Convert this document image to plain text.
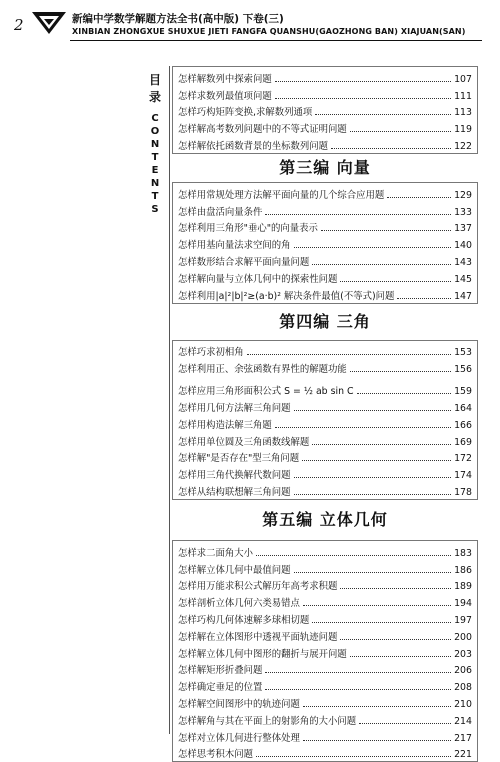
2	新编中学数学解题方法全书(高中版) 下卷(三)
XINBIAN ZHONGXUE SHUXUE JIETI FANGFA QUANSHU(GAOZHONG BAN) XIAJUAN(SAN)
目
录
C
O
N
T
E
N
T
S
怎样解数列中探索问题	107
怎样求数列最值项问题	111
怎样巧构矩阵变换,求解数列通项	113
怎样解高考数列问题中的不等式证明问题	119
怎样解依托函数背景的坐标数列问题	122
第三编 向量
怎样用常规处理方法解平面向量的几个综合应用题	129
怎样由盘活向量条件	133
怎样利用三角形"垂心"的向量表示	137
怎样用基向量法求空间的角	140
怎样数形结合求解平面向量问题	143
怎样解向量与立体几何中的探索性问题	145
怎样利用|a|²|b|²≥(a·b)² 解决条件最值(不等式)问题	147
第四编 三角
怎样巧求初相角	153
怎样利用正、余弦函数有界性的解题功能	156
怎样应用三角形面积公式 S = ½ ab sin C	159
怎样用几何方法解三角问题	164
怎样用构造法解三角题	166
怎样用单位圆及三角函数线解题	169
怎样解"是否存在"型三角问题	172
怎样用三角代换解代数问题	174
怎样从结构联想解三角问题	178
第五编 立体几何
怎样求二面角大小	183
怎样解立体几何中最值问题	186
怎样用万能求积公式解历年高考求积题	189
怎样剖析立体几何六类易错点	194
怎样巧构几何体速解多球相切题	197
怎样解在立体图形中透视平面轨迹问题	200
怎样解立体几何中图形的翻折与展开问题	203
怎样解矩形折叠问题	206
怎样确定垂足的位置	208
怎样解空间图形中的轨迹问题	210
怎样解角与其在平面上的射影角的大小问题	214
怎样对立体几何进行整体处理	217
怎样思考积木问题	221
